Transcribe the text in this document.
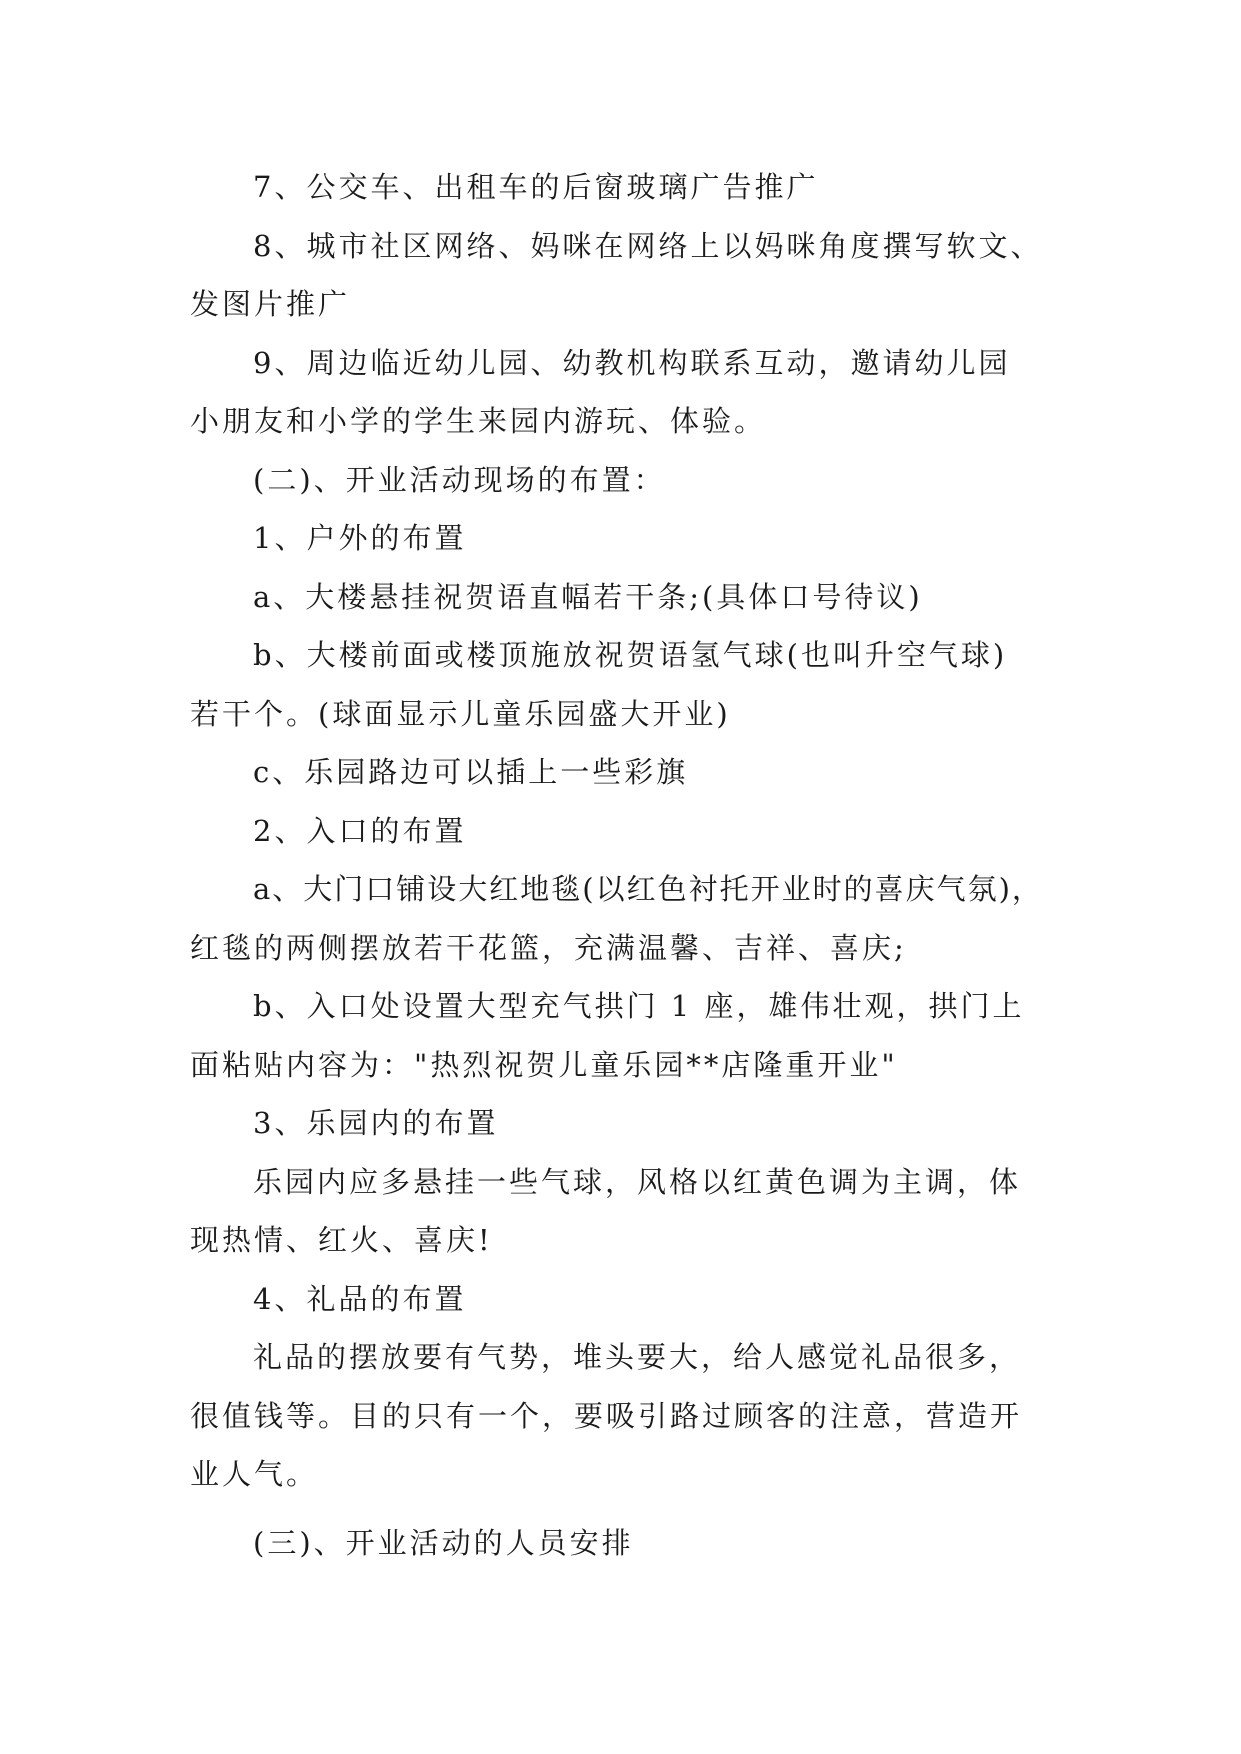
7、公交车、出租车的后窗玻璃广告推广

8、城市社区网络、妈咪在网络上以妈咪角度撰写软文、

发图片推广

9、周边临近幼儿园、幼教机构联系互动，邀请幼儿园

小朋友和小学的学生来园内游玩、体验。

(二)、开业活动现场的布置：

1、户外的布置

a、大楼悬挂祝贺语直幅若干条;(具体口号待议)

b、大楼前面或楼顶施放祝贺语氢气球(也叫升空气球)

若干个。(球面显示儿童乐园盛大开业)

c、乐园路边可以插上一些彩旗

2、入口的布置

a、大门口铺设大红地毯(以红色衬托开业时的喜庆气氛)，

红毯的两侧摆放若干花篮，充满温馨、吉祥、喜庆;

b、入口处设置大型充气拱门 1 座，雄伟壮观，拱门上

面粘贴内容为："热烈祝贺儿童乐园**店隆重开业"

3、乐园内的布置

乐园内应多悬挂一些气球，风格以红黄色调为主调，体

现热情、红火、喜庆!

4、礼品的布置

礼品的摆放要有气势，堆头要大，给人感觉礼品很多，

很值钱等。目的只有一个，要吸引路过顾客的注意，营造开

业人气。

(三)、开业活动的人员安排
